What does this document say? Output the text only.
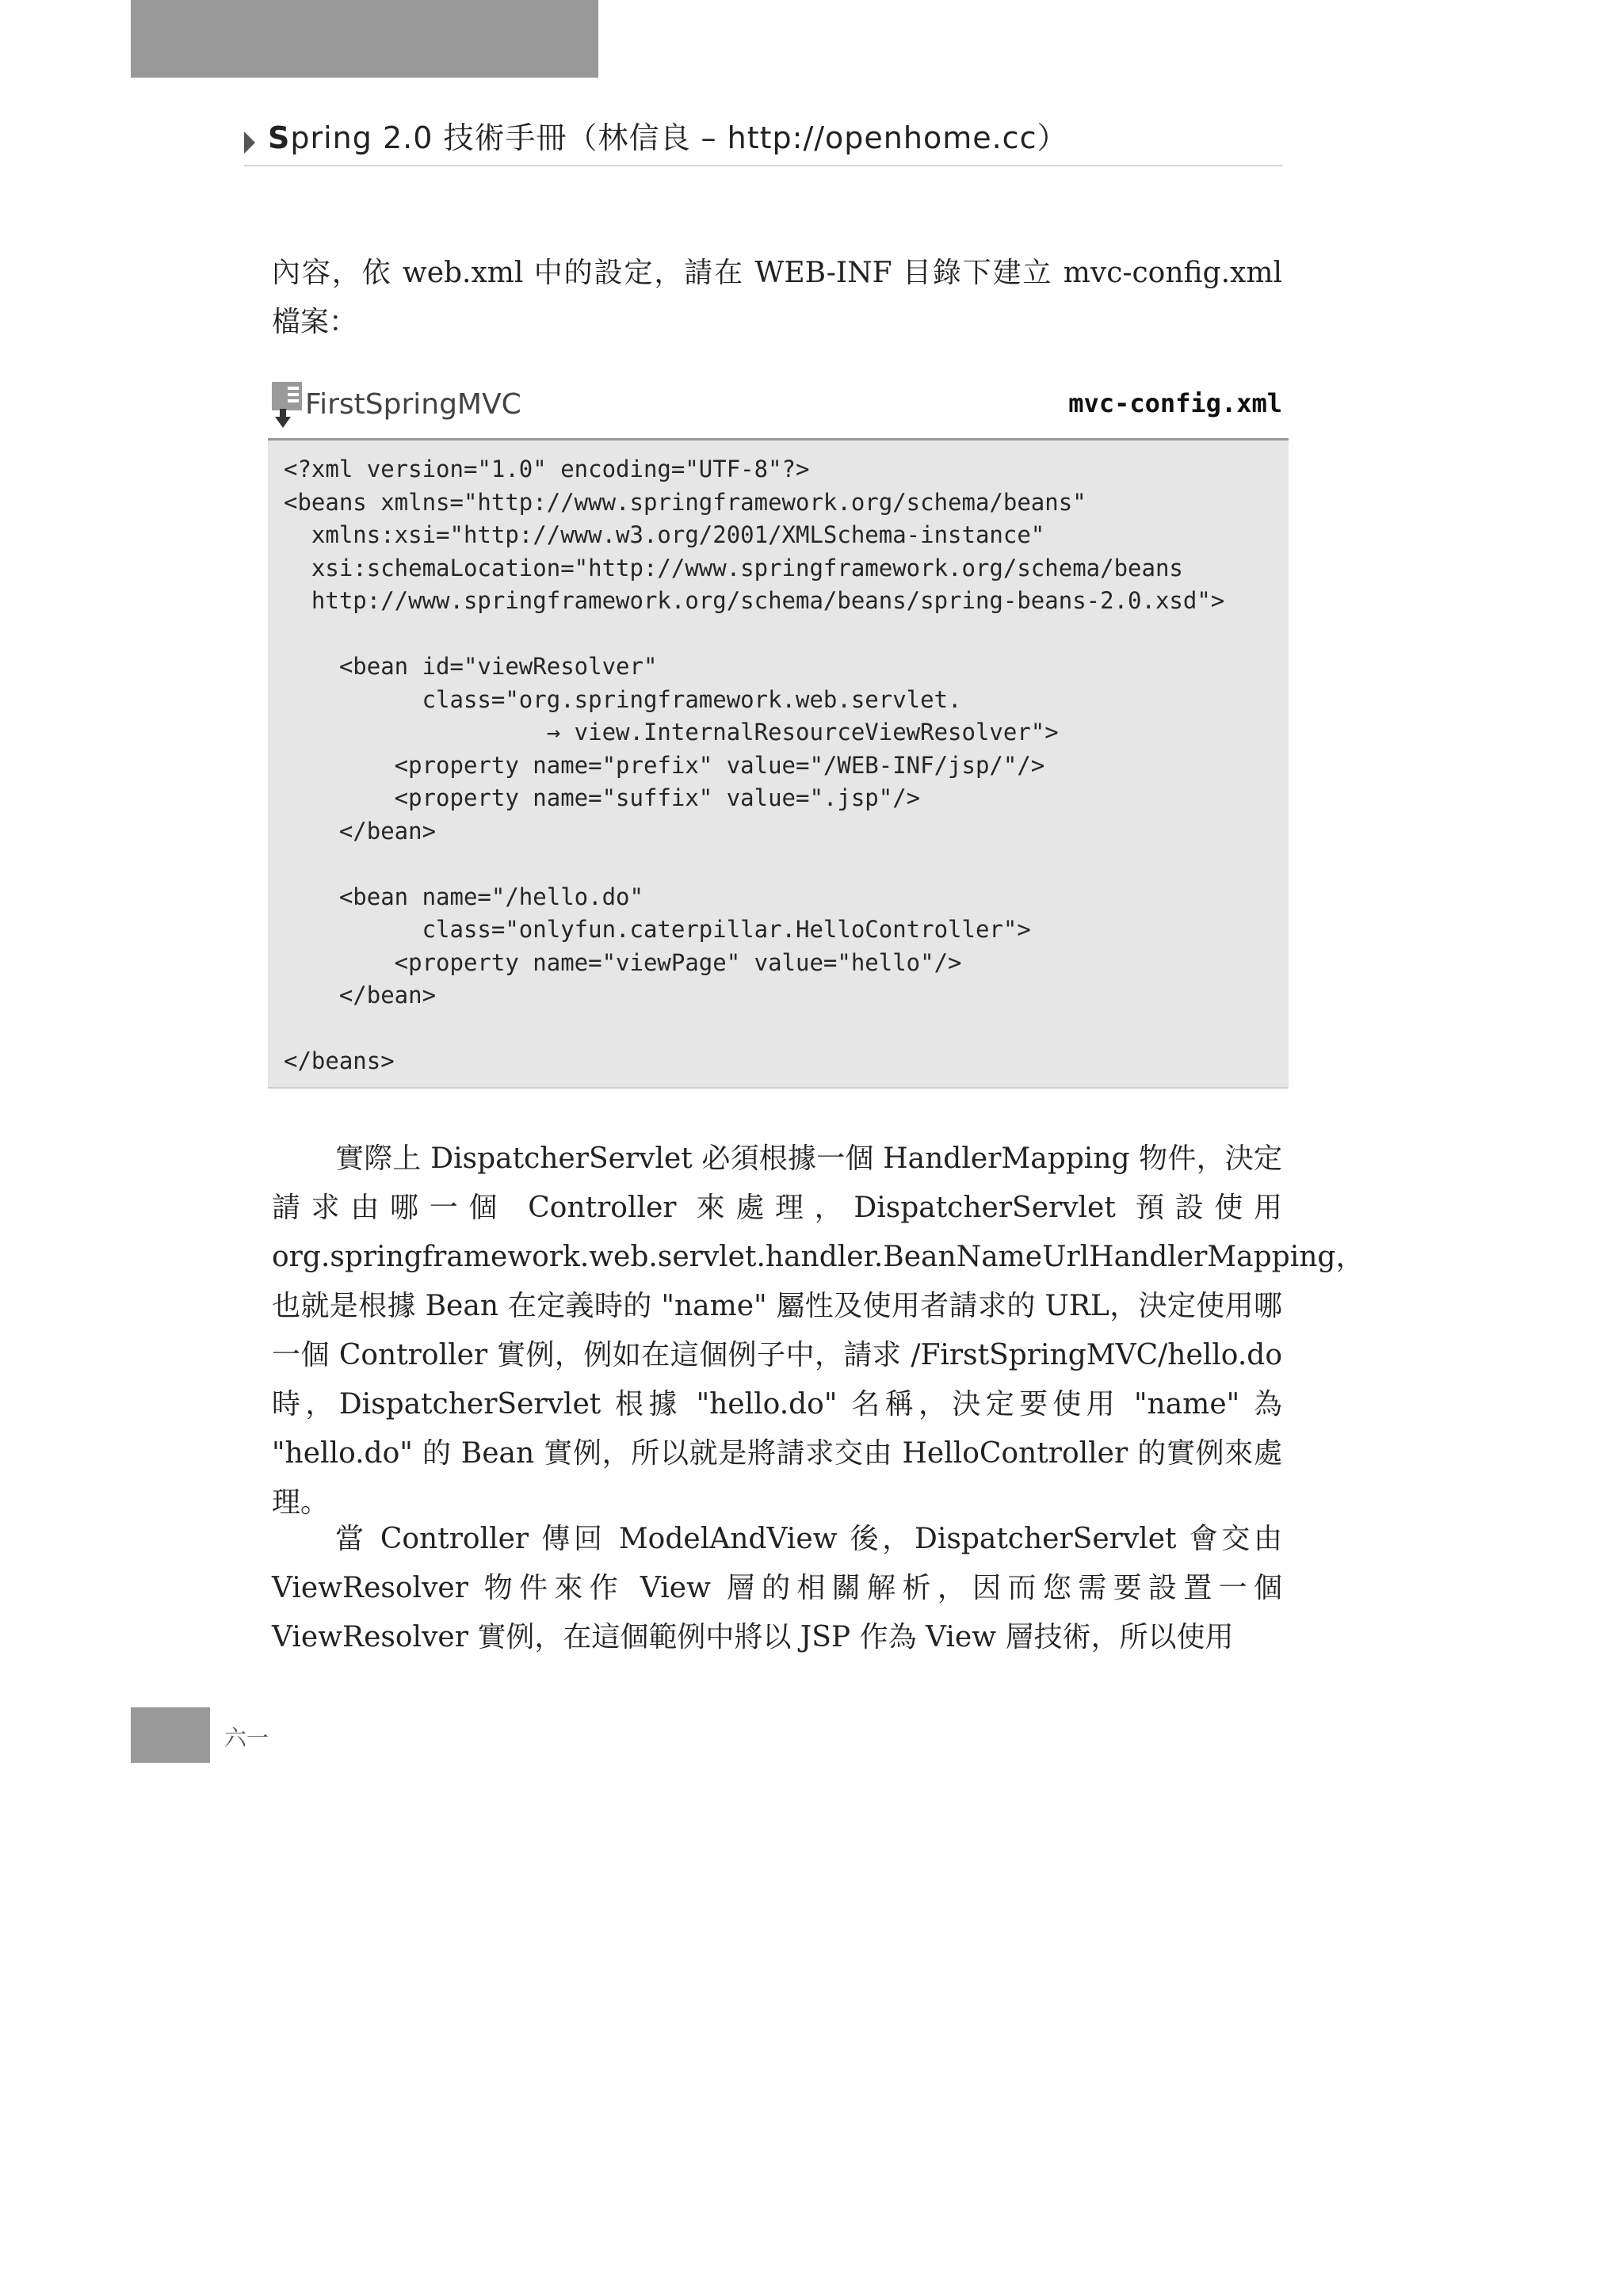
Spring 2.0 技術手冊（林信良 – http://openhome.cc）

內容，依 web.xml 中的設定，請在 WEB-INF 目錄下建立 mvc-config.xml 檔案：

FirstSpringMVC	mvc-config.xml
<?xml version="1.0" encoding="UTF-8"?>
<beans xmlns="http://www.springframework.org/schema/beans"
xmlns:xsi="http://www.w3.org/2001/XMLSchema-instance"
xsi:schemaLocation="http://www.springframework.org/schema/beans
http://www.springframework.org/schema/beans/spring-beans-2.0.xsd">

<bean id="viewResolver"
class="org.springframework.web.servlet.
→ view.InternalResourceViewResolver">
<property name="prefix" value="/WEB-INF/jsp/"/>
<property name="suffix" value=".jsp"/>
</bean>

<bean name="/hello.do"
class="onlyfun.caterpillar.HelloController">
<property name="viewPage" value="hello"/>
</bean>

</beans>

實際上 DispatcherServlet 必須根據一個 HandlerMapping 物件，決定請求由哪一個 Controller 來處理，DispatcherServlet 預設使用 org.springframework.web.servlet.handler.BeanNameUrlHandlerMapping，也就是根據 Bean 在定義時的 "name" 屬性及使用者請求的 URL，決定使用哪一個 Controller 實例，例如在這個例子中，請求 /FirstSpringMVC/hello.do 時，DispatcherServlet 根據 "hello.do" 名稱，決定要使用 "name" 為 "hello.do" 的 Bean 實例，所以就是將請求交由 HelloController 的實例來處理。

當 Controller 傳回 ModelAndView 後，DispatcherServlet 會交由 ViewResolver 物件來作 View 層的相關解析，因而您需要設置一個 ViewResolver 實例，在這個範例中將以 JSP 作為 View 層技術，所以使用

六一
